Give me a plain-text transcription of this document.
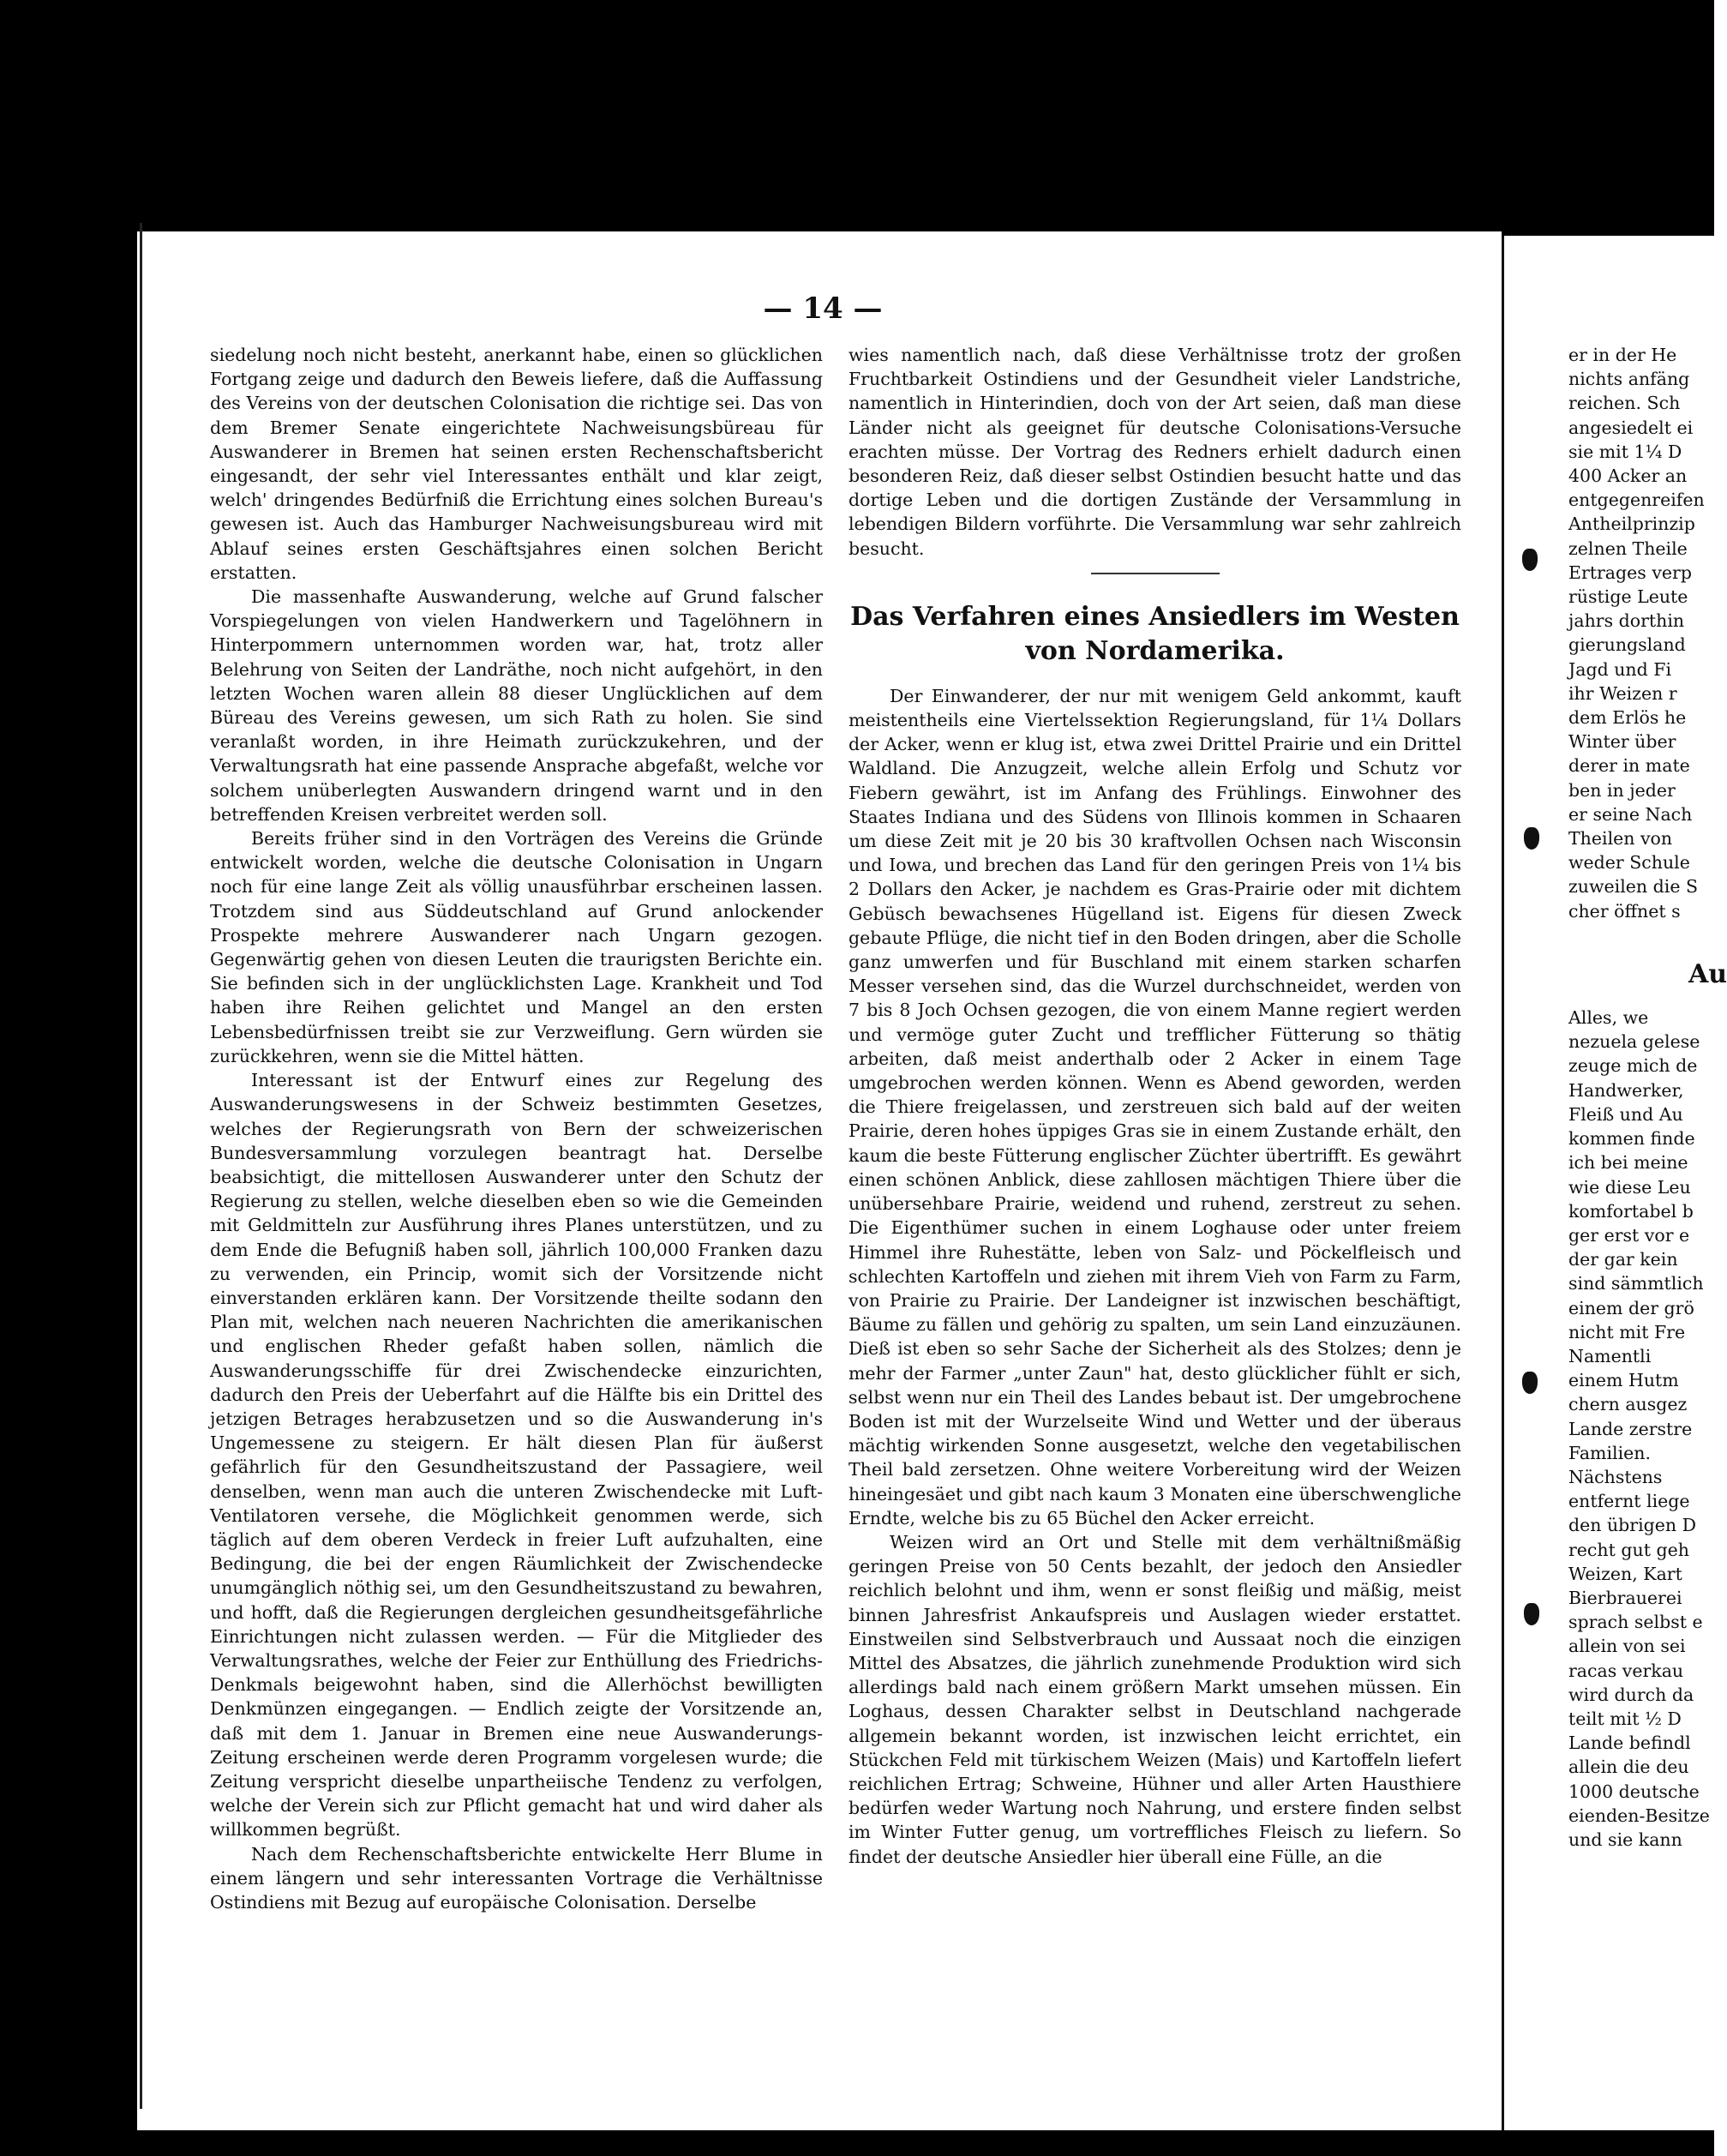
— 14 —

siedelung noch nicht besteht, anerkannt habe, einen so glücklichen Fortgang zeige und dadurch den Beweis liefere, daß die Auffassung des Vereins von der deutschen Colonisation die richtige sei. Das von dem Bremer Senate eingerichtete Nachweisungsbüreau für Auswanderer in Bremen hat seinen ersten Rechenschaftsbericht eingesandt, der sehr viel Interessantes enthält und klar zeigt, welch' dringendes Bedürfniß die Errichtung eines solchen Bureau's gewesen ist. Auch das Hamburger Nachweisungsbureau wird mit Ablauf seines ersten Geschäftsjahres einen solchen Bericht erstatten.

Die massenhafte Auswanderung, welche auf Grund falscher Vorspiegelungen von vielen Handwerkern und Tagelöhnern in Hinterpommern unternommen worden war, hat, trotz aller Belehrung von Seiten der Landräthe, noch nicht aufgehört, in den letzten Wochen waren allein 88 dieser Unglücklichen auf dem Büreau des Vereins gewesen, um sich Rath zu holen. Sie sind veranlaßt worden, in ihre Heimath zurückzukehren, und der Verwaltungsrath hat eine passende Ansprache abgefaßt, welche vor solchem unüberlegten Auswandern dringend warnt und in den betreffenden Kreisen verbreitet werden soll.

Bereits früher sind in den Vorträgen des Vereins die Gründe entwickelt worden, welche die deutsche Colonisation in Ungarn noch für eine lange Zeit als völlig unausführbar erscheinen lassen. Trotzdem sind aus Süddeutschland auf Grund anlockender Prospekte mehrere Auswanderer nach Ungarn gezogen. Gegenwärtig gehen von diesen Leuten die traurigsten Berichte ein. Sie befinden sich in der unglücklichsten Lage. Krankheit und Tod haben ihre Reihen gelichtet und Mangel an den ersten Lebensbedürfnissen treibt sie zur Verzweiflung. Gern würden sie zurückkehren, wenn sie die Mittel hätten.

Interessant ist der Entwurf eines zur Regelung des Auswanderungswesens in der Schweiz bestimmten Gesetzes, welches der Regierungsrath von Bern der schweizerischen Bundesversammlung vorzulegen beantragt hat. Derselbe beabsichtigt, die mittellosen Auswanderer unter den Schutz der Regierung zu stellen, welche dieselben eben so wie die Gemeinden mit Geldmitteln zur Ausführung ihres Planes unterstützen, und zu dem Ende die Befugniß haben soll, jährlich 100,000 Franken dazu zu verwenden, ein Princip, womit sich der Vorsitzende nicht einverstanden erklären kann. Der Vorsitzende theilte sodann den Plan mit, welchen nach neueren Nachrichten die amerikanischen und englischen Rheder gefaßt haben sollen, nämlich die Auswanderungsschiffe für drei Zwischendecke einzurichten, dadurch den Preis der Ueberfahrt auf die Hälfte bis ein Drittel des jetzigen Betrages herabzusetzen und so die Auswanderung in's Ungemessene zu steigern. Er hält diesen Plan für äußerst gefährlich für den Gesundheitszustand der Passagiere, weil denselben, wenn man auch die unteren Zwischendecke mit Luft-Ventilatoren versehe, die Möglichkeit genommen werde, sich täglich auf dem oberen Verdeck in freier Luft aufzuhalten, eine Bedingung, die bei der engen Räumlichkeit der Zwischendecke unumgänglich nöthig sei, um den Gesundheitszustand zu bewahren, und hofft, daß die Regierungen dergleichen gesundheitsgefährliche Einrichtungen nicht zulassen werden. — Für die Mitglieder des Verwaltungsrathes, welche der Feier zur Enthüllung des Friedrichs-Denkmals beigewohnt haben, sind die Allerhöchst bewilligten Denkmünzen eingegangen. — Endlich zeigte der Vorsitzende an, daß mit dem 1. Januar in Bremen eine neue Auswanderungs-Zeitung erscheinen werde deren Programm vorgelesen wurde; die Zeitung verspricht dieselbe unpartheiische Tendenz zu verfolgen, welche der Verein sich zur Pflicht gemacht hat und wird daher als willkommen begrüßt.

Nach dem Rechenschaftsberichte entwickelte Herr Blume in einem längern und sehr interessanten Vortrage die Verhältnisse Ostindiens mit Bezug auf europäische Colonisation. Derselbe

wies namentlich nach, daß diese Verhältnisse trotz der großen Fruchtbarkeit Ostindiens und der Gesundheit vieler Landstriche, namentlich in Hinterindien, doch von der Art seien, daß man diese Länder nicht als geeignet für deutsche Colonisations-Versuche erachten müsse. Der Vortrag des Redners erhielt dadurch einen besonderen Reiz, daß dieser selbst Ostindien besucht hatte und das dortige Leben und die dortigen Zustände der Versammlung in lebendigen Bildern vorführte. Die Versammlung war sehr zahlreich besucht.

Das Verfahren eines Ansiedlers im Westen von Nordamerika.

Der Einwanderer, der nur mit wenigem Geld ankommt, kauft meistentheils eine Viertelssektion Regierungsland, für 1¼ Dollars der Acker, wenn er klug ist, etwa zwei Drittel Prairie und ein Drittel Waldland. Die Anzugzeit, welche allein Erfolg und Schutz vor Fiebern gewährt, ist im Anfang des Frühlings. Einwohner des Staates Indiana und des Südens von Illinois kommen in Schaaren um diese Zeit mit je 20 bis 30 kraftvollen Ochsen nach Wisconsin und Iowa, und brechen das Land für den geringen Preis von 1¼ bis 2 Dollars den Acker, je nachdem es Gras-Prairie oder mit dichtem Gebüsch bewachsenes Hügelland ist. Eigens für diesen Zweck gebaute Pflüge, die nicht tief in den Boden dringen, aber die Scholle ganz umwerfen und für Buschland mit einem starken scharfen Messer versehen sind, das die Wurzel durchschneidet, werden von 7 bis 8 Joch Ochsen gezogen, die von einem Manne regiert werden und vermöge guter Zucht und trefflicher Fütterung so thätig arbeiten, daß meist anderthalb oder 2 Acker in einem Tage umgebrochen werden können. Wenn es Abend geworden, werden die Thiere freigelassen, und zerstreuen sich bald auf der weiten Prairie, deren hohes üppiges Gras sie in einem Zustande erhält, den kaum die beste Fütterung englischer Züchter übertrifft. Es gewährt einen schönen Anblick, diese zahllosen mächtigen Thiere über die unübersehbare Prairie, weidend und ruhend, zerstreut zu sehen. Die Eigenthümer suchen in einem Loghause oder unter freiem Himmel ihre Ruhestätte, leben von Salz- und Pöckelfleisch und schlechten Kartoffeln und ziehen mit ihrem Vieh von Farm zu Farm, von Prairie zu Prairie. Der Landeigner ist inzwischen beschäftigt, Bäume zu fällen und gehörig zu spalten, um sein Land einzuzäunen. Dieß ist eben so sehr Sache der Sicherheit als des Stolzes; denn je mehr der Farmer „unter Zaun" hat, desto glücklicher fühlt er sich, selbst wenn nur ein Theil des Landes bebaut ist. Der umgebrochene Boden ist mit der Wurzelseite Wind und Wetter und der überaus mächtig wirkenden Sonne ausgesetzt, welche den vegetabilischen Theil bald zersetzen. Ohne weitere Vorbereitung wird der Weizen hineingesäet und gibt nach kaum 3 Monaten eine überschwengliche Erndte, welche bis zu 65 Büchel den Acker erreicht.

Weizen wird an Ort und Stelle mit dem verhältnißmäßig geringen Preise von 50 Cents bezahlt, der jedoch den Ansiedler reichlich belohnt und ihm, wenn er sonst fleißig und mäßig, meist binnen Jahresfrist Ankaufspreis und Auslagen wieder erstattet. Einstweilen sind Selbstverbrauch und Aussaat noch die einzigen Mittel des Absatzes, die jährlich zunehmende Produktion wird sich allerdings bald nach einem größern Markt umsehen müssen. Ein Loghaus, dessen Charakter selbst in Deutschland nachgerade allgemein bekannt worden, ist inzwischen leicht errichtet, ein Stückchen Feld mit türkischem Weizen (Mais) und Kartoffeln liefert reichlichen Ertrag; Schweine, Hühner und aller Arten Hausthiere bedürfen weder Wartung noch Nahrung, und erstere finden selbst im Winter Futter genug, um vortreffliches Fleisch zu liefern. So findet der deutsche Ansiedler hier überall eine Fülle, an die

er in der He
nichts anfäng
reichen. Sch
angesiedelt ei
sie mit 1¼ D
400 Acker an
entgegenreifen
Antheilprinzip
zelnen Theile
Ertrages verp
rüstige Leute
jahrs dorthin
gierungsland
Jagd und Fi
ihr Weizen r
dem Erlös he
Winter über
derer in mate
ben in jeder
er seine Nach
Theilen von
weder Schule
zuweilen die S
cher öffnet s
Au
Alles, we
nezuela gelese
zeuge mich de
Handwerker,
Fleiß und Au
kommen finde
ich bei meine
wie diese Leu
komfortabel b
ger erst vor e
der gar kein
sind sämmtlich
einem der grö
nicht mit Fre
Namentli
einem Hutm
chern ausgez
Lande zerstre
Familien.
Nächstens
entfernt liege
den übrigen D
recht gut geh
Weizen, Kart
Bierbrauerei
sprach selbst e
allein von sei
racas verkau
wird durch da
teilt mit ½ D
Lande befindl
allein die deu
1000 deutsche
eienden-Besitze
und sie kann
